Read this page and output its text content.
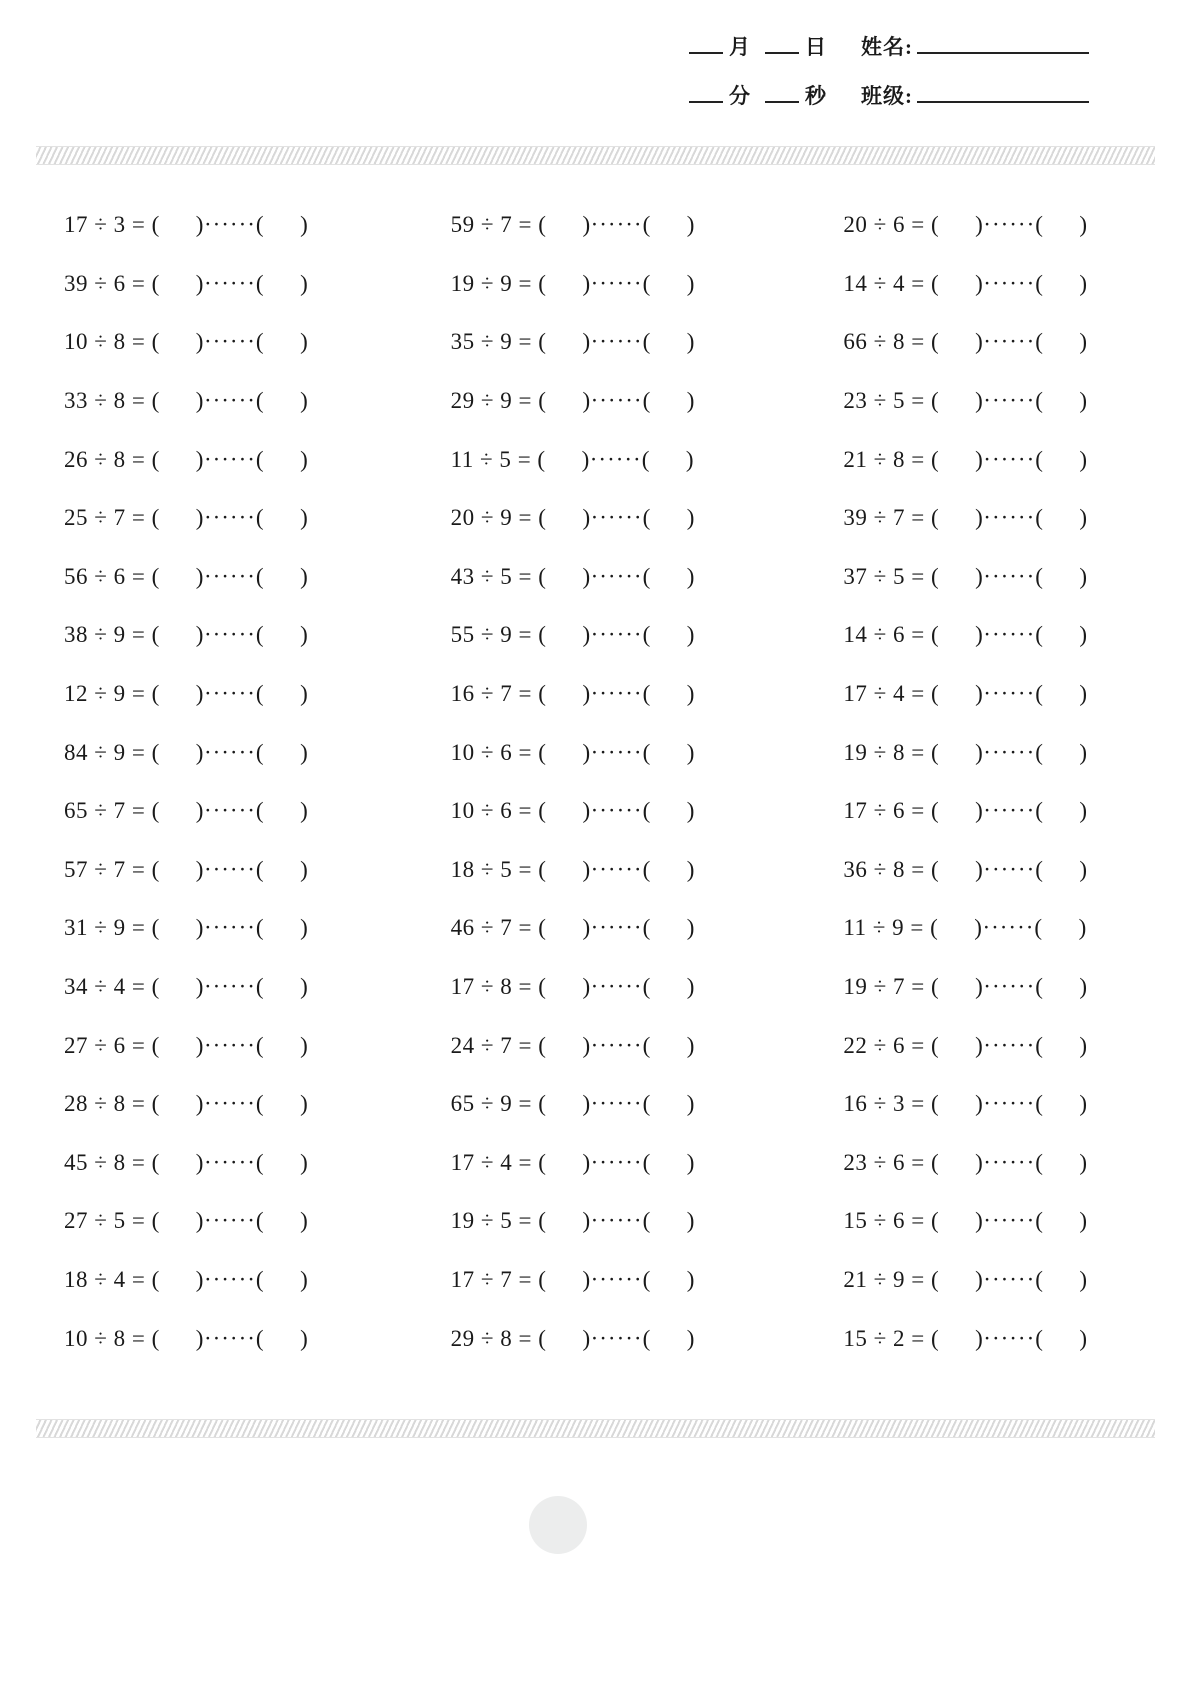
月	日 姓名:
分	秒 班级:
17 ÷ 3 = ( )······( )	59 ÷ 7 = ( )······( )	20 ÷ 6 = ( )······( )
39 ÷ 6 = ( )······( )	19 ÷ 9 = ( )······( )	14 ÷ 4 = ( )······( )
10 ÷ 8 = ( )······( )	35 ÷ 9 = ( )······( )	66 ÷ 8 = ( )······( )
33 ÷ 8 = ( )······( )	29 ÷ 9 = ( )······( )	23 ÷ 5 = ( )······( )
26 ÷ 8 = ( )······( )	11 ÷ 5 = ( )······( )	21 ÷ 8 = ( )······( )
25 ÷ 7 = ( )······( )	20 ÷ 9 = ( )······( )	39 ÷ 7 = ( )······( )
56 ÷ 6 = ( )······( )	43 ÷ 5 = ( )······( )	37 ÷ 5 = ( )······( )
38 ÷ 9 = ( )······( )	55 ÷ 9 = ( )······( )	14 ÷ 6 = ( )······( )
12 ÷ 9 = ( )······( )	16 ÷ 7 = ( )······( )	17 ÷ 4 = ( )······( )
84 ÷ 9 = ( )······( )	10 ÷ 6 = ( )······( )	19 ÷ 8 = ( )······( )
65 ÷ 7 = ( )······( )	10 ÷ 6 = ( )······( )	17 ÷ 6 = ( )······( )
57 ÷ 7 = ( )······( )	18 ÷ 5 = ( )······( )	36 ÷ 8 = ( )······( )
31 ÷ 9 = ( )······( )	46 ÷ 7 = ( )······( )	11 ÷ 9 = ( )······( )
34 ÷ 4 = ( )······( )	17 ÷ 8 = ( )······( )	19 ÷ 7 = ( )······( )
27 ÷ 6 = ( )······( )	24 ÷ 7 = ( )······( )	22 ÷ 6 = ( )······( )
28 ÷ 8 = ( )······( )	65 ÷ 9 = ( )······( )	16 ÷ 3 = ( )······( )
45 ÷ 8 = ( )······( )	17 ÷ 4 = ( )······( )	23 ÷ 6 = ( )······( )
27 ÷ 5 = ( )······( )	19 ÷ 5 = ( )······( )	15 ÷ 6 = ( )······( )
18 ÷ 4 = ( )······( )	17 ÷ 7 = ( )······( )	21 ÷ 9 = ( )······( )
10 ÷ 8 = ( )······( )	29 ÷ 8 = ( )······( )	15 ÷ 2 = ( )······( )
